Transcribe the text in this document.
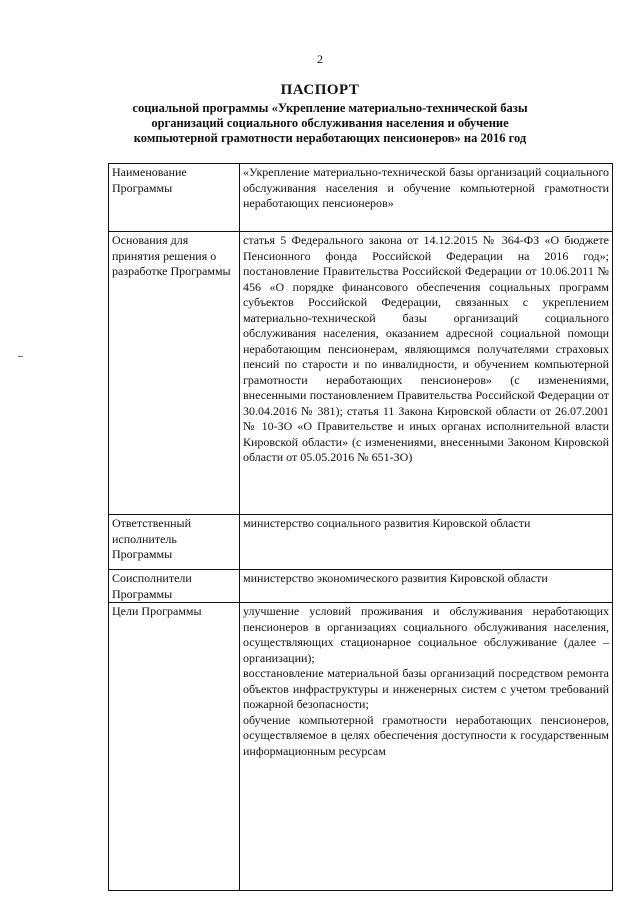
2
ПАСПОРТ
социальной программы «Укрепление материально-технической базы
организаций социального обслуживания населения и обучение
компьютерной грамотности неработающих пенсионеров» на 2016 год
Наименование Программы	«Укрепление материально-технической базы организаций социального обслуживания населения и обучение компьютерной грамотности неработающих пенсионеров»
Основания для принятия решения о разработке Программы	статья 5 Федерального закона от 14.12.2015 № 364-ФЗ «О бюджете Пенсионного фонда Российской Федерации на 2016 год»; постановление Правительства Российской Федерации от 10.06.2011 № 456 «О порядке финансового обеспечения социальных программ субъектов Российской Федерации, связанных с укреплением материально-технической базы организаций социального обслуживания населения, оказанием адресной социальной помощи неработающим пенсионерам, являющимся получателями страховых пенсий по старости и по инвалидности, и обучением компьютерной грамотности неработающих пенсионеров» (с изменениями, внесенными постановлением Правительства Российской Федерации от 30.04.2016 № 381); статья 11 Закона Кировской области от 26.07.2001 № 10-ЗО «О Правительстве и иных органах исполнительной власти Кировской области» (с изменениями, внесенными Законом Кировской области от 05.05.2016 № 651-ЗО)
Ответственный исполнитель Программы	министерство социального развития Кировской области
Соисполнители Программы	министерство экономического развития Кировской области
Цели Программы	улучшение условий проживания и обслуживания неработающих пенсионеров в организациях социального обслуживания населения, осуществляющих стационарное социальное обслуживание (далее – организации);
восстановление материальной базы организаций посредством ремонта объектов инфраструктуры и инженерных систем с учетом требований пожарной безопасности;
обучение компьютерной грамотности неработающих пенсионеров, осуществляемое в целях обеспечения доступности к государственным информационным ресурсам
